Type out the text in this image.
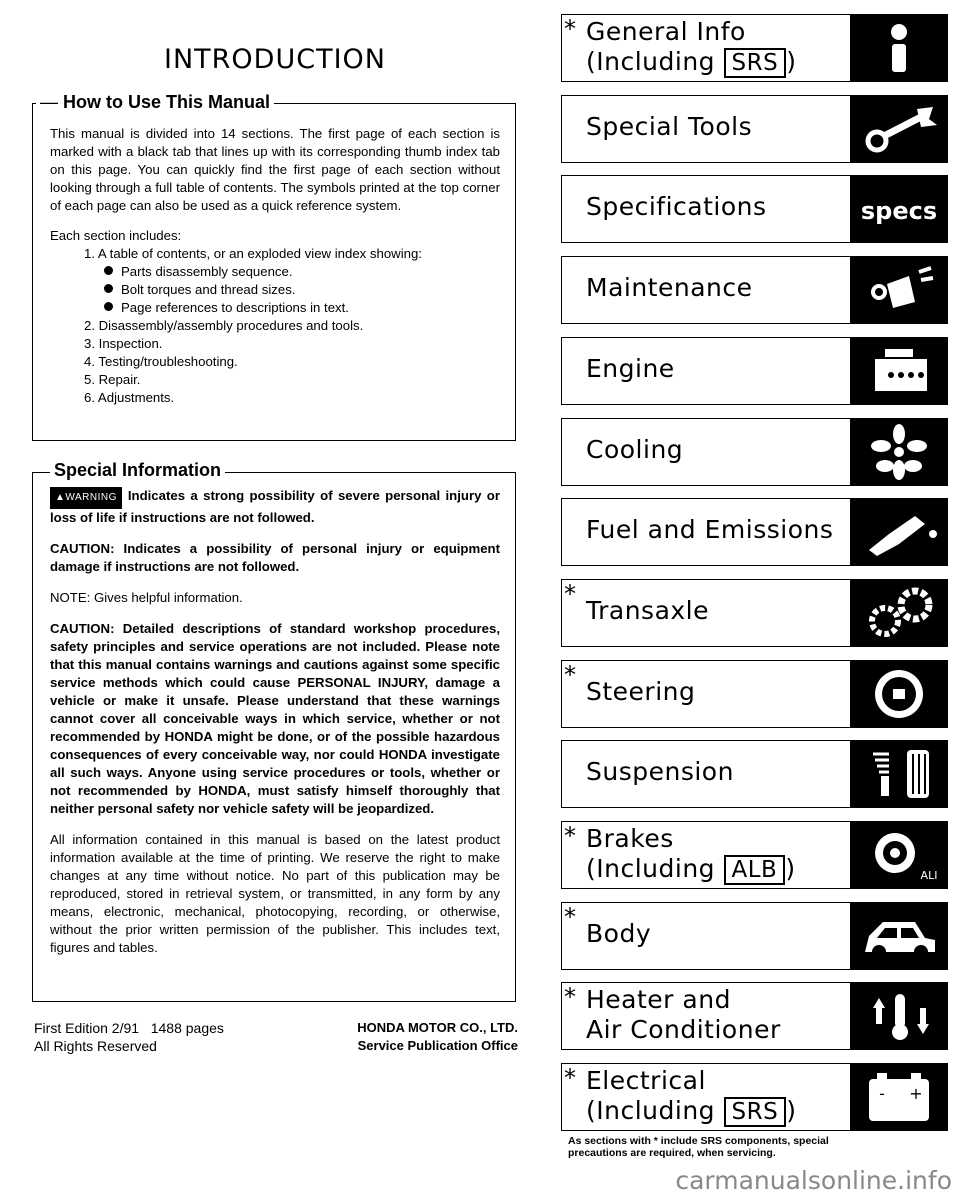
INTRODUCTION
— How to Use This Manual

This manual is divided into 14 sections. The first page of each section is marked with a black tab that lines up with its corresponding thumb index tab on this page. You can quickly find the first page of each section without looking through a full table of contents. The symbols printed at the top corner of each page can also be used as a quick reference system.

Each section includes:
1. A table of contents, or an exploded view index showing:
Parts disassembly sequence.
Bolt torques and thread sizes.
Page references to descriptions in text.
2. Disassembly/assembly procedures and tools.
3. Inspection.
4. Testing/troubleshooting.
5. Repair.
6. Adjustments.
Special Information

▲WARNING Indicates a strong possibility of severe personal injury or loss of life if instructions are not followed.

CAUTION: Indicates a possibility of personal injury or equipment damage if instructions are not followed.

NOTE: Gives helpful information.

CAUTION: Detailed descriptions of standard workshop procedures, safety principles and service operations are not included. Please note that this manual contains warnings and cautions against some specific service methods which could cause PERSONAL INJURY, damage a vehicle or make it unsafe. Please understand that these warnings cannot cover all conceivable ways in which service, whether or not recommended by HONDA might be done, or of the possible hazardous consequences of every conceivable way, nor could HONDA investigate all such ways. Anyone using service procedures or tools, whether or not recommended by HONDA, must satisfy himself thoroughly that neither personal safety nor vehicle safety will be jeopardized.

All information contained in this manual is based on the latest product information available at the time of printing. We reserve the right to make changes at any time without notice. No part of this publication may be reproduced, stored in retrieval system, or transmitted, in any form by any means, electronic, mechanical, photocopying, recording, or otherwise, without the prior written permission of the publisher. This includes text, figures and tables.

First Edition 2/91 1488 pages
All Rights Reserved
HONDA MOTOR CO., LTD.
Service Publication Office
* General Info
(Including SRS )
Special Tools
Specifications	specs
Maintenance
Engine
Cooling
Fuel and Emissions
*
Transaxle
*
Steering
Suspension
* Brakes
(Including ALB )	ALI
*
Body
* Heater and
Air Conditioner
* Electrical
(Including SRS )
- +
As sections with * include SRS components, special precautions are required, when servicing.
carmanualsonline.info
